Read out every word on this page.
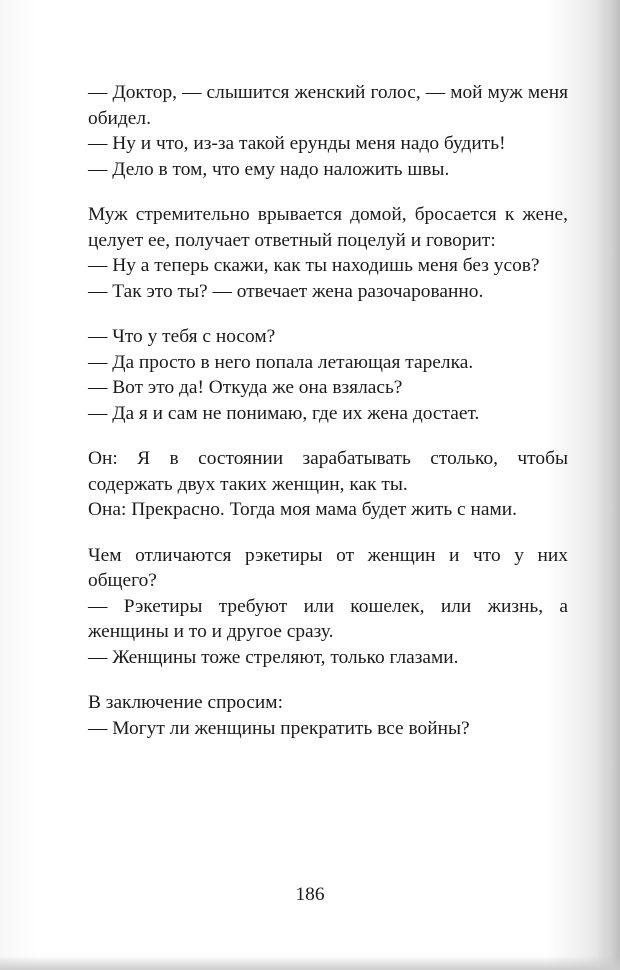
— Доктор, — слышится женский голос, — мой муж меня обидел.

— Ну и что, из-за такой ерунды меня надо будить!

— Дело в том, что ему надо наложить швы.

Муж стремительно врывается домой, бросается к жене, целует ее, получает ответный поцелуй и говорит:

— Ну а теперь скажи, как ты находишь меня без усов?

— Так это ты? — отвечает жена разочарованно.

— Что у тебя с носом?

— Да просто в него попала летающая тарелка.

— Вот это да! Откуда же она взялась?

— Да я и сам не понимаю, где их жена достает.

Он: Я в состоянии зарабатывать столько, чтобы содержать двух таких женщин, как ты.

Она: Прекрасно. Тогда моя мама будет жить с нами.

Чем отличаются рэкетиры от женщин и что у них общего?

— Рэкетиры требуют или кошелек, или жизнь, а женщины и то и другое сразу.

— Женщины тоже стреляют, только глазами.

В заключение спросим:

— Могут ли женщины прекратить все войны?

186
